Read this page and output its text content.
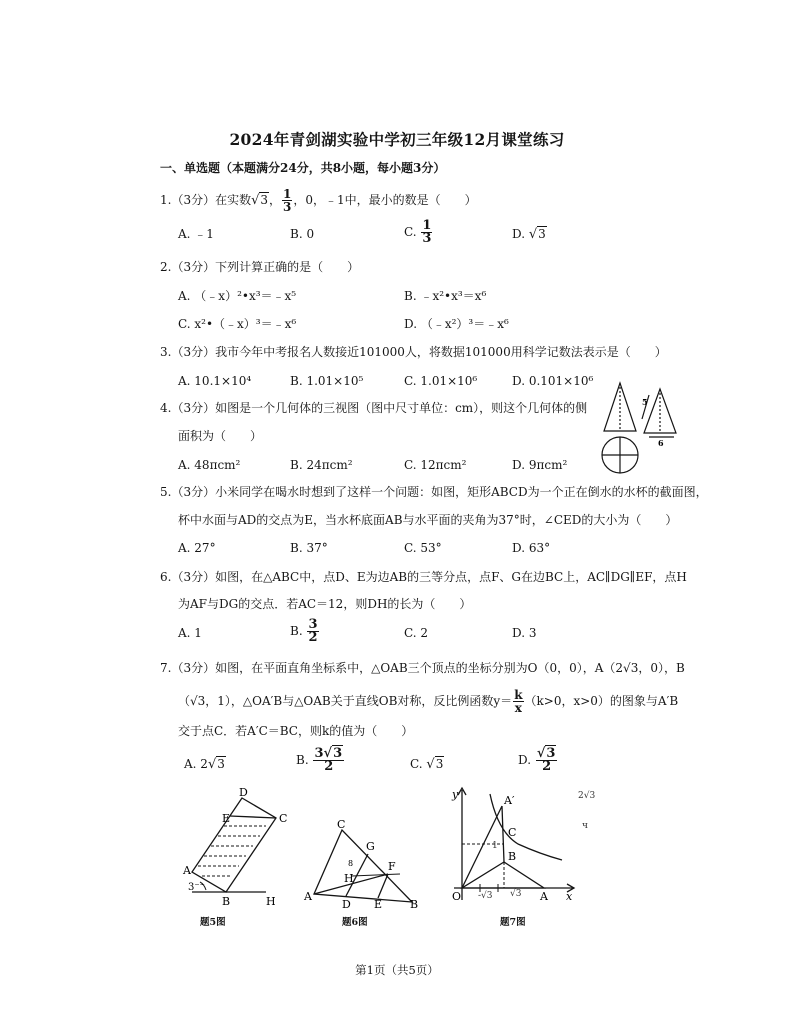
2024年青剑湖实验中学初三年级12月课堂练习
一、单选题（本题满分24分，共8小题，每小题3分）
1.（3分）在实数√3， $\frac{1}{3}$ ，0，﹣1中，最小的数是（　　）
A. ﹣1	B. 0	C. $\frac{1}{3}$	D. √3
2.（3分）下列计算正确的是（　　）
A. （﹣x）²•x³＝﹣x⁵	B. ﹣x²•x³＝x⁶
C. x²•（﹣x）³＝﹣x⁶	D. （﹣x²）³＝﹣x⁶
3.（3分）我市今年中考报名人数接近101000人，将数据101000用科学记数法表示是（　　）
A. 10.1×10⁴	B. 1.01×10⁵	C. 1.01×10⁶	D. 0.101×10⁶
4.（3分）如图是一个几何体的三视图（图中尺寸单位：cm），则这个几何体的侧
面积为（　　）
A. 48πcm²	B. 24πcm²	C. 12πcm²	D. 9πcm²
5
6
5.（3分）小米同学在喝水时想到了这样一个问题：如图，矩形ABCD为一个正在倒水的水杯的截面图，
杯中水面与AD的交点为E，当水杯底面AB与水平面的夹角为37°时，∠CED的大小为（　　）
A. 27°	B. 37°	C. 53°	D. 63°
6.（3分）如图，在△ABC中，点D、E为边AB的三等分点，点F、G在边BC上，AC∥DG∥EF，点H
为AF与DG的交点．若AC＝12，则DH的长为（　　）
A. 1	B. $\frac{3}{2}$	C. 2	D. 3
7.（3分）如图，在平面直角坐标系中，△OAB三个顶点的坐标分别为O（0，0），A（2√3，0），B
（√3，1），△OA′B与△OAB关于直线OB对称，反比例函数$y= \frac{k}{x} (k>0$，x>0）的图象与A′B
交于点C．若A′C＝BC，则k的值为（　　）
A. 2√3	B. $\frac{3√3}{2}$	C. √3	D. $\frac{√3}{2}$
D
C
E
A
B	H
3⁻⁻
题5图
C
G
F
H
A
D E	B
8
题6图
y	A′
C
B
O	A x
1
-√3 √3
2√3
ч
题7图
第1页（共5页）
